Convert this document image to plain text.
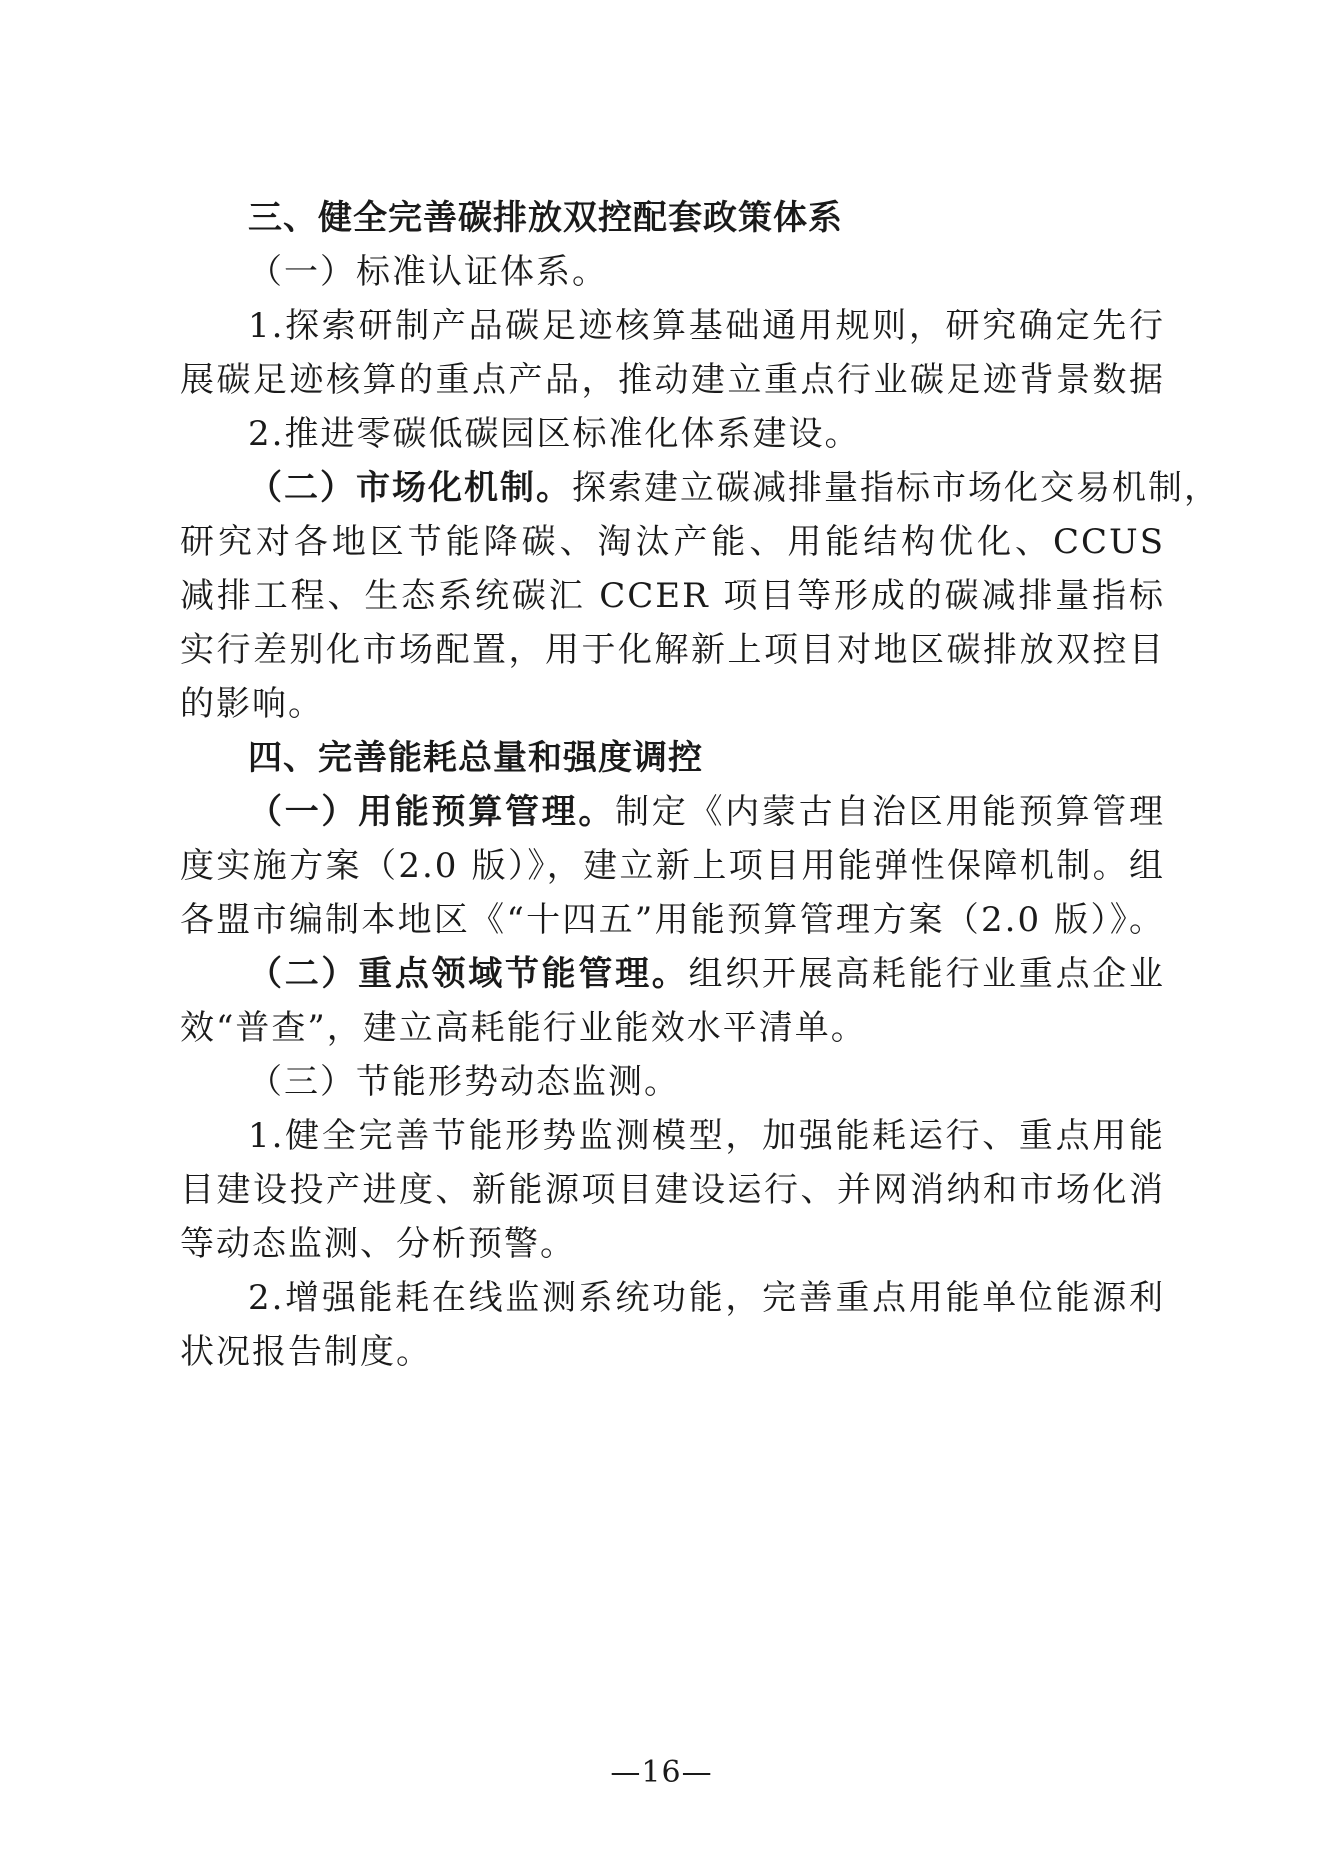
三、健全完善碳排放双控配套政策体系

（一）标准认证体系。

1.探索研制产品碳足迹核算基础通用规则，研究确定先行

展碳足迹核算的重点产品，推动建立重点行业碳足迹背景数据

2.推进零碳低碳园区标准化体系建设。

（二）市场化机制。探索建立碳减排量指标市场化交易机制，

研究对各地区节能降碳、淘汰产能、用能结构优化、CCUS

减排工程、生态系统碳汇 CCER 项目等形成的碳减排量指标

实行差别化市场配置，用于化解新上项目对地区碳排放双控目

的影响。

四、完善能耗总量和强度调控

（一）用能预算管理。制定《内蒙古自治区用能预算管理

度实施方案（2.0 版）》，建立新上项目用能弹性保障机制。组

各盟市编制本地区《“十四五”用能预算管理方案（2.0 版）》。

（二）重点领域节能管理。组织开展高耗能行业重点企业

效“普查”，建立高耗能行业能效水平清单。

（三）节能形势动态监测。

1.健全完善节能形势监测模型，加强能耗运行、重点用能

目建设投产进度、新能源项目建设运行、并网消纳和市场化消

等动态监测、分析预警。

2.增强能耗在线监测系统功能，完善重点用能单位能源利

状况报告制度。

—16—
